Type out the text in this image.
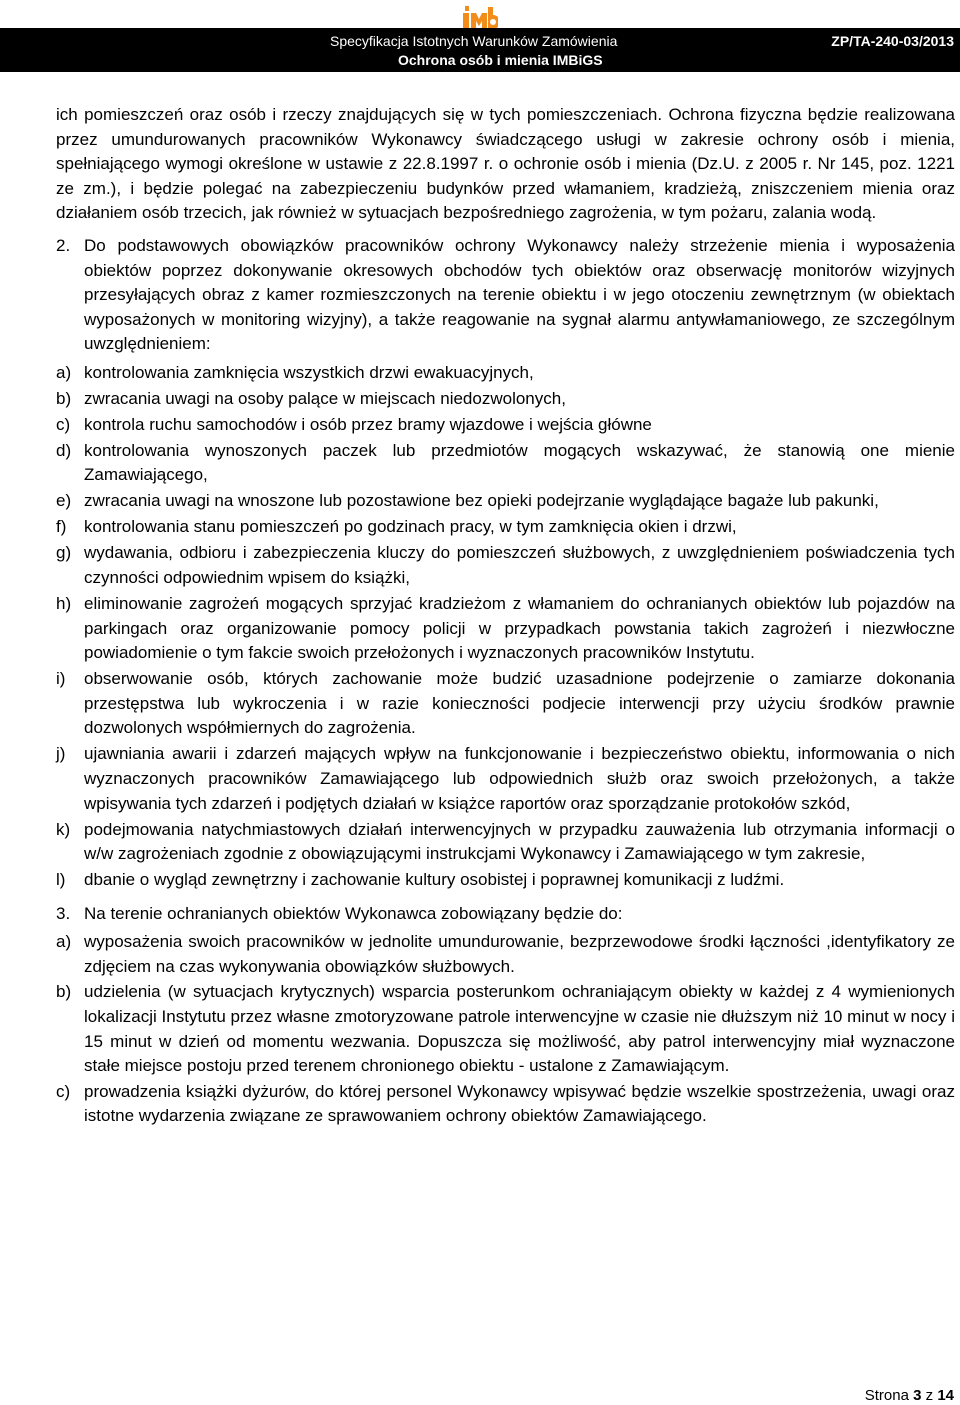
Specyfikacja Istotnych Warunków Zamówienia
Ochrona osób i mienia IMBiGS
ZP/TA-240-03/2013

ich pomieszczeń oraz osób i rzeczy znajdujących się w tych pomieszczeniach. Ochrona fizyczna będzie realizowana przez umundurowanych pracowników Wykonawcy świadczącego usługi w zakresie ochrony osób i mienia, spełniającego wymogi określone w ustawie z 22.8.1997 r. o ochronie osób i mienia (Dz.U. z 2005 r. Nr 145, poz. 1221 ze zm.), i będzie polegać na zabezpieczeniu budynków przed włamaniem, kradzieżą, zniszczeniem mienia oraz działaniem osób trzecich, jak również w sytuacjach bezpośredniego zagrożenia, w tym pożaru, zalania wodą.

2. Do podstawowych obowiązków pracowników ochrony Wykonawcy należy strzeżenie mienia i wyposażenia obiektów poprzez dokonywanie okresowych obchodów tych obiektów oraz obserwację monitorów wizyjnych przesyłających obraz z kamer rozmieszczonych na terenie obiektu i w jego otoczeniu zewnętrznym (w obiektach wyposażonych w monitoring wizyjny), a także reagowanie na sygnał alarmu antywłamaniowego, ze szczególnym uwzględnieniem:

a) kontrolowania zamknięcia wszystkich drzwi ewakuacyjnych,
b) zwracania uwagi na osoby palące w miejscach niedozwolonych,
c) kontrola ruchu samochodów i osób przez bramy wjazdowe i wejścia główne
d) kontrolowania wynoszonych paczek lub przedmiotów mogących wskazywać, że stanowią one mienie Zamawiającego,
e) zwracania uwagi na wnoszone lub pozostawione bez opieki podejrzanie wyglądające bagaże lub pakunki,
f) kontrolowania stanu pomieszczeń po godzinach pracy, w tym zamknięcia okien i drzwi,
g) wydawania, odbioru i zabezpieczenia kluczy do pomieszczeń służbowych, z uwzględnieniem poświadczenia tych czynności odpowiednim wpisem do książki,
h) eliminowanie zagrożeń mogących sprzyjać kradzieżom z włamaniem do ochranianych obiektów lub pojazdów na parkingach oraz organizowanie pomocy policji w przypadkach powstania takich zagrożeń i niezwłoczne powiadomienie o tym fakcie swoich przełożonych i wyznaczonych pracowników Instytutu.
i) obserwowanie osób, których zachowanie może budzić uzasadnione podejrzenie o zamiarze dokonania przestępstwa lub wykroczenia i w razie konieczności podjecie interwencji przy użyciu środków prawnie dozwolonych współmiernych do zagrożenia.
j) ujawniania awarii i zdarzeń mających wpływ na funkcjonowanie i bezpieczeństwo obiektu, informowania o nich wyznaczonych pracowników Zamawiającego lub odpowiednich służb oraz swoich przełożonych, a także wpisywania tych zdarzeń i podjętych działań w książce raportów oraz sporządzanie protokołów szkód,
k) podejmowania natychmiastowych działań interwencyjnych w przypadku zauważenia lub otrzymania informacji o w/w zagrożeniach zgodnie z obowiązującymi instrukcjami Wykonawcy i Zamawiającego w tym zakresie,
l) dbanie o wygląd zewnętrzny i zachowanie kultury osobistej i poprawnej komunikacji z ludźmi.
3. Na terenie ochranianych obiektów Wykonawca zobowiązany będzie do:

a) wyposażenia swoich pracowników w jednolite umundurowanie, bezprzewodowe środki łączności ,identyfikatory ze zdjęciem na czas wykonywania obowiązków służbowych.
b) udzielenia (w sytuacjach krytycznych) wsparcia posterunkom ochraniającym obiekty w każdej z 4 wymienionych lokalizacji Instytutu przez własne zmotoryzowane patrole interwencyjne w czasie nie dłuższym niż 10 minut w nocy i 15 minut w dzień od momentu wezwania. Dopuszcza się możliwość, aby patrol interwencyjny miał wyznaczone stałe miejsce postoju przed terenem chronionego obiektu - ustalone z Zamawiającym.
c) prowadzenia książki dyżurów, do której personel Wykonawcy wpisywać będzie wszelkie spostrzeżenia, uwagi oraz istotne wydarzenia związane ze sprawowaniem ochrony obiektów Zamawiającego.
Strona 3 z 14
